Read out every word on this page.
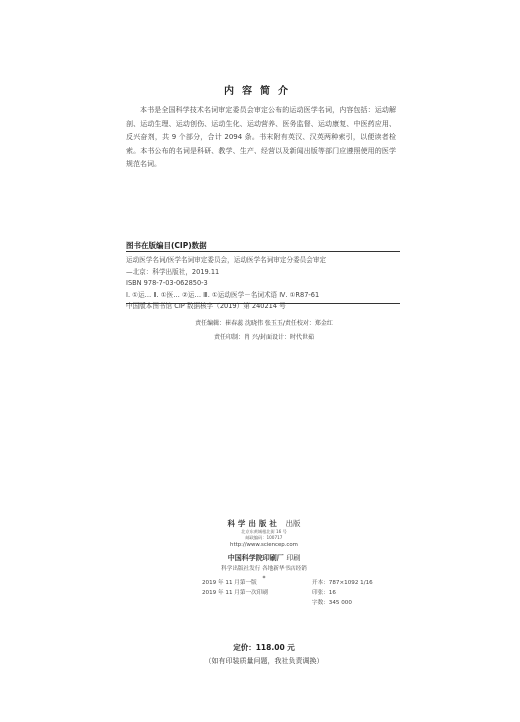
内容简介
本书是全国科学技术名词审定委员会审定公布的运动医学名词，内容包括：运动解剖、运动生理、运动创伤、运动生化、运动营养、医务监督、运动康复、中医药应用、反兴奋剂，共 9 个部分，合计 2094 条。书末附有英汉、汉英两种索引，以便读者检索。本书公布的名词是科研、教学、生产、经营以及新闻出版等部门应遵照使用的医学规范名词。
图书在版编目(CIP)数据
运动医学名词/医学名词审定委员会，运动医学名词审定分委员会审定
—北京：科学出版社，2019.11
ISBN 978-7-03-062850-3
Ⅰ. ①运… Ⅱ. ①医… ②运… Ⅲ. ①运动医学－名词术语 Ⅳ. ①R87-61
中国版本图书馆 CIP 数据核字（2019）第 240214 号
责任编辑：崔春蕊 沈晓伟 张玉玉/责任校对：郑金红
责任印制：肖 兴/封面设计：时代世茹
科学出版社 出版
北京东黄城根北街 16 号
邮政编码：100717
http://www.sciencep.com
中国科学院印刷厂 印刷
科学出版社发行 各地新华书店经销
*
2019 年 11 月第一版	开本：787×1092 1/16
2019 年 11 月第一次印刷	印张：16
字数：345 000
定价：118.00 元
（如有印装质量问题，我社负责调换）
